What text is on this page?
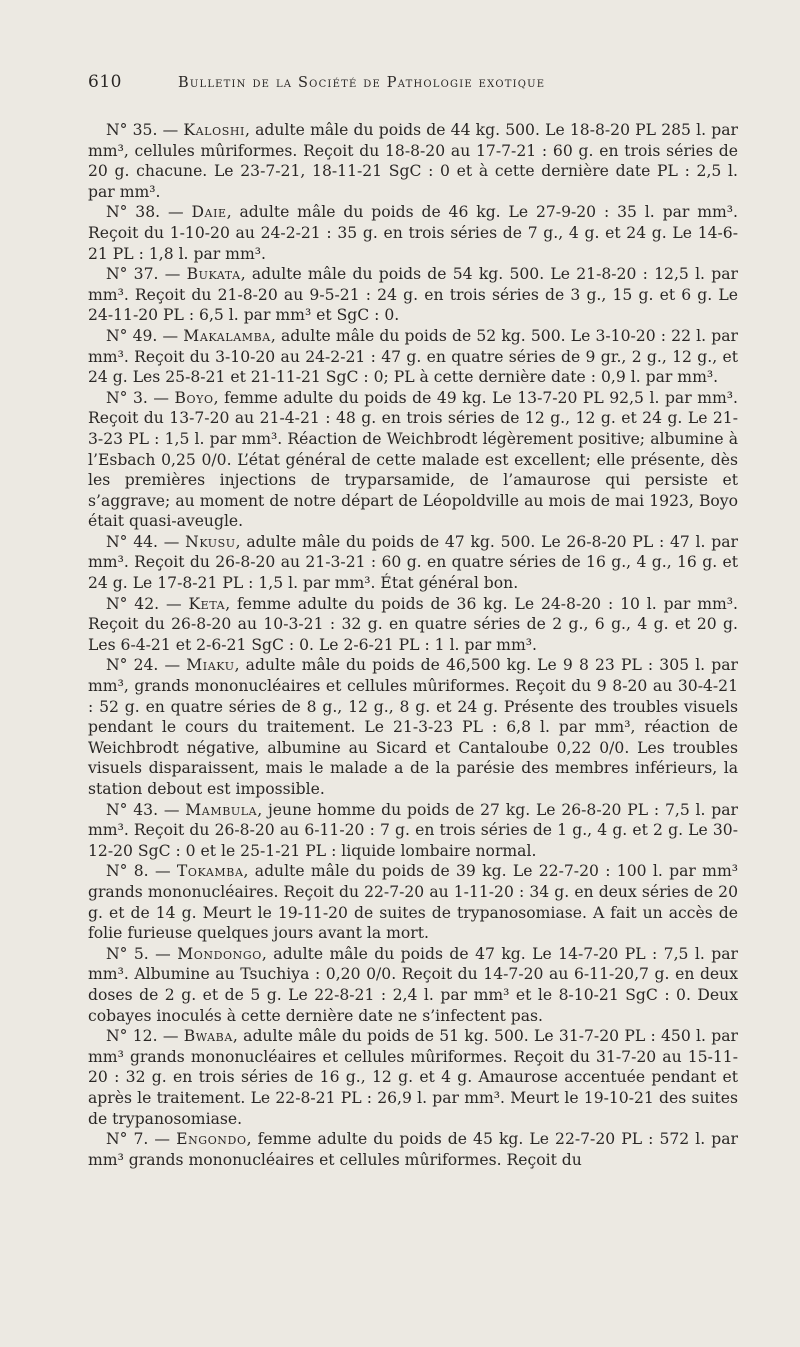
610	Bulletin de la Société de Pathologie exotique

N° 35. — Kaloshi, adulte mâle du poids de 44 kg. 500. Le 18-8-20 PL 285 l. par mm³, cellules mûriformes. Reçoit du 18-8-20 au 17-7-21 : 60 g. en trois séries de 20 g. chacune. Le 23-7-21, 18-11-21 SgC : 0 et à cette dernière date PL : 2,5 l. par mm³.

N° 38. — Daie, adulte mâle du poids de 46 kg. Le 27-9-20 : 35 l. par mm³. Reçoit du 1-10-20 au 24-2-21 : 35 g. en trois séries de 7 g., 4 g. et 24 g. Le 14-6-21 PL : 1,8 l. par mm³.

N° 37. — Bukata, adulte mâle du poids de 54 kg. 500. Le 21-8-20 : 12,5 l. par mm³. Reçoit du 21-8-20 au 9-5-21 : 24 g. en trois séries de 3 g., 15 g. et 6 g. Le 24-11-20 PL : 6,5 l. par mm³ et SgC : 0.

N° 49. — Makalamba, adulte mâle du poids de 52 kg. 500. Le 3-10-20 : 22 l. par mm³. Reçoit du 3-10-20 au 24-2-21 : 47 g. en quatre séries de 9 gr., 2 g., 12 g., et 24 g. Les 25-8-21 et 21-11-21 SgC : 0; PL à cette dernière date : 0,9 l. par mm³.

N° 3. — Boyo, femme adulte du poids de 49 kg. Le 13-7-20 PL 92,5 l. par mm³. Reçoit du 13-7-20 au 21-4-21 : 48 g. en trois séries de 12 g., 12 g. et 24 g. Le 21-3-23 PL : 1,5 l. par mm³. Réaction de Weichbrodt légèrement positive; albumine à l’Esbach 0,25 0/0. L’état général de cette malade est excellent; elle présente, dès les premières injections de tryparsamide, de l’amaurose qui persiste et s’aggrave; au moment de notre départ de Léopoldville au mois de mai 1923, Boyo était quasi-aveugle.

N° 44. — Nkusu, adulte mâle du poids de 47 kg. 500. Le 26-8-20 PL : 47 l. par mm³. Reçoit du 26-8-20 au 21-3-21 : 60 g. en quatre séries de 16 g., 4 g., 16 g. et 24 g. Le 17-8-21 PL : 1,5 l. par mm³. État général bon.

N° 42. — Keta, femme adulte du poids de 36 kg. Le 24-8-20 : 10 l. par mm³. Reçoit du 26-8-20 au 10-3-21 : 32 g. en quatre séries de 2 g., 6 g., 4 g. et 20 g. Les 6-4-21 et 2-6-21 SgC : 0. Le 2-6-21 PL : 1 l. par mm³.

N° 24. — Miaku, adulte mâle du poids de 46,500 kg. Le 9 8 23 PL : 305 l. par mm³, grands mononucléaires et cellules mûriformes. Reçoit du 9 8-20 au 30-4-21 : 52 g. en quatre séries de 8 g., 12 g., 8 g. et 24 g. Présente des troubles visuels pendant le cours du traitement. Le 21-3-23 PL : 6,8 l. par mm³, réaction de Weichbrodt négative, albumine au Sicard et Cantaloube 0,22 0/0. Les troubles visuels disparaissent, mais le malade a de la parésie des membres inférieurs, la station debout est impossible.

N° 43. — Mambula, jeune homme du poids de 27 kg. Le 26-8-20 PL : 7,5 l. par mm³. Reçoit du 26-8-20 au 6-11-20 : 7 g. en trois séries de 1 g., 4 g. et 2 g. Le 30-12-20 SgC : 0 et le 25-1-21 PL : liquide lombaire normal.

N° 8. — Tokamba, adulte mâle du poids de 39 kg. Le 22-7-20 : 100 l. par mm³ grands mononucléaires. Reçoit du 22-7-20 au 1-11-20 : 34 g. en deux séries de 20 g. et de 14 g. Meurt le 19-11-20 de suites de trypanosomiase. A fait un accès de folie furieuse quelques jours avant la mort.

N° 5. — Mondongo, adulte mâle du poids de 47 kg. Le 14-7-20 PL : 7,5 l. par mm³. Albumine au Tsuchiya : 0,20 0/0. Reçoit du 14-7-20 au 6-11-20,7 g. en deux doses de 2 g. et de 5 g. Le 22-8-21 : 2,4 l. par mm³ et le 8-10-21 SgC : 0. Deux cobayes inoculés à cette dernière date ne s’infectent pas.

N° 12. — Bwaba, adulte mâle du poids de 51 kg. 500. Le 31-7-20 PL : 450 l. par mm³ grands mononucléaires et cellules mûriformes. Reçoit du 31-7-20 au 15-11-20 : 32 g. en trois séries de 16 g., 12 g. et 4 g. Amaurose accentuée pendant et après le traitement. Le 22-8-21 PL : 26,9 l. par mm³. Meurt le 19-10-21 des suites de trypanosomiase.

N° 7. — Engondo, femme adulte du poids de 45 kg. Le 22-7-20 PL : 572 l. par mm³ grands mononucléaires et cellules mûriformes. Reçoit du
